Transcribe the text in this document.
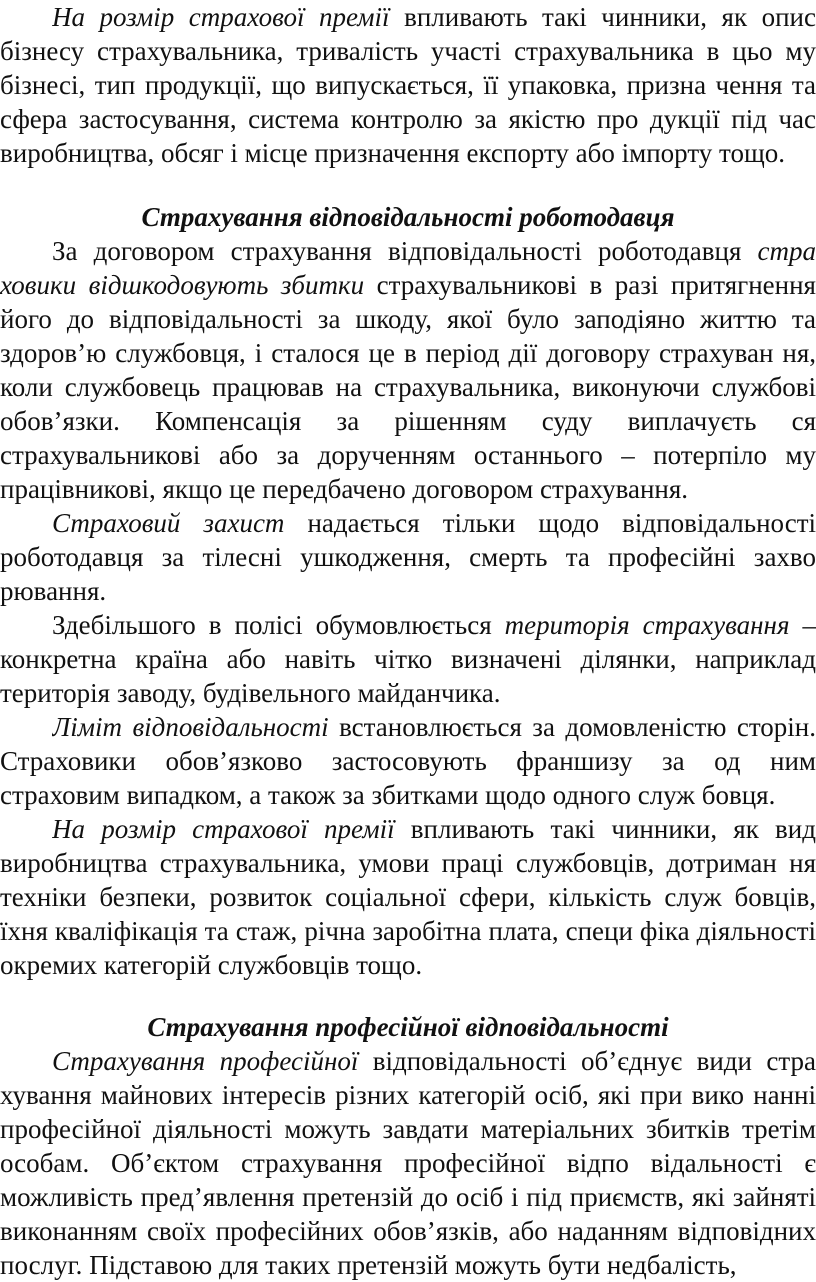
На розмір страхової премії впливають такі чинники, як опис
бізнесу страхувальника, тривалість участі страхувальника в цьо му
бізнесі, тип продукції, що випускається, її упаковка, призна чення та
сфера застосування, система контролю за якістю про дукції під час
виробництва, обсяг і місце призначення експорту або імпорту тощо.
Страхування відповідальності роботодавця
За договором страхування відповідальності роботодавця стра
ховики відшкодовують збитки страхувальникові в разі притягнення
його до відповідальності за шкоду, якої було заподіяно життю та
здоров’ю службовця, і сталося це в період дії договору страхуван ня,
коли службовець працював на страхувальника, виконуючи службові
обов’язки. Компенсація за рішенням суду виплачуєть ся
страхувальникові або за дорученням останнього – потерпіло му
працівникові, якщо це передбачено договором страхування.
Страховий захист надається тільки щодо відповідальності
роботодавця за тілесні ушкодження, смерть та професійні захво
рювання.
Здебільшого в полісі обумовлюється територія страхування –
конкретна країна або навіть чітко визначені ділянки, наприклад
територія заводу, будівельного майданчика.
Ліміт відповідальності встановлюється за домовленістю сторін.
Страховики обов’язково застосовують франшизу за од ним
страховим випадком, а також за збитками щодо одного служ бовця.
На розмір страхової премії впливають такі чинники, як вид
виробництва страхувальника, умови праці службовців, дотриман ня
техніки безпеки, розвиток соціальної сфери, кількість служ бовців,
їхня кваліфікація та стаж, річна заробітна плата, специ фіка діяльності
окремих категорій службовців тощо.
Страхування професійної відповідальності
Страхування професійної відповідальності об’єднує види стра
хування майнових інтересів різних категорій осіб, які при вико нанні
професійної діяльності можуть завдати матеріальних збитків третім
особам. Об’єктом страхування професійної відпо відальності є
можливість пред’явлення претензій до осіб і під приємств, які зайняті
виконанням своїх професійних обов’язків, або наданням відповідних
послуг. Підставою для таких претензій можуть бути недбалість,
